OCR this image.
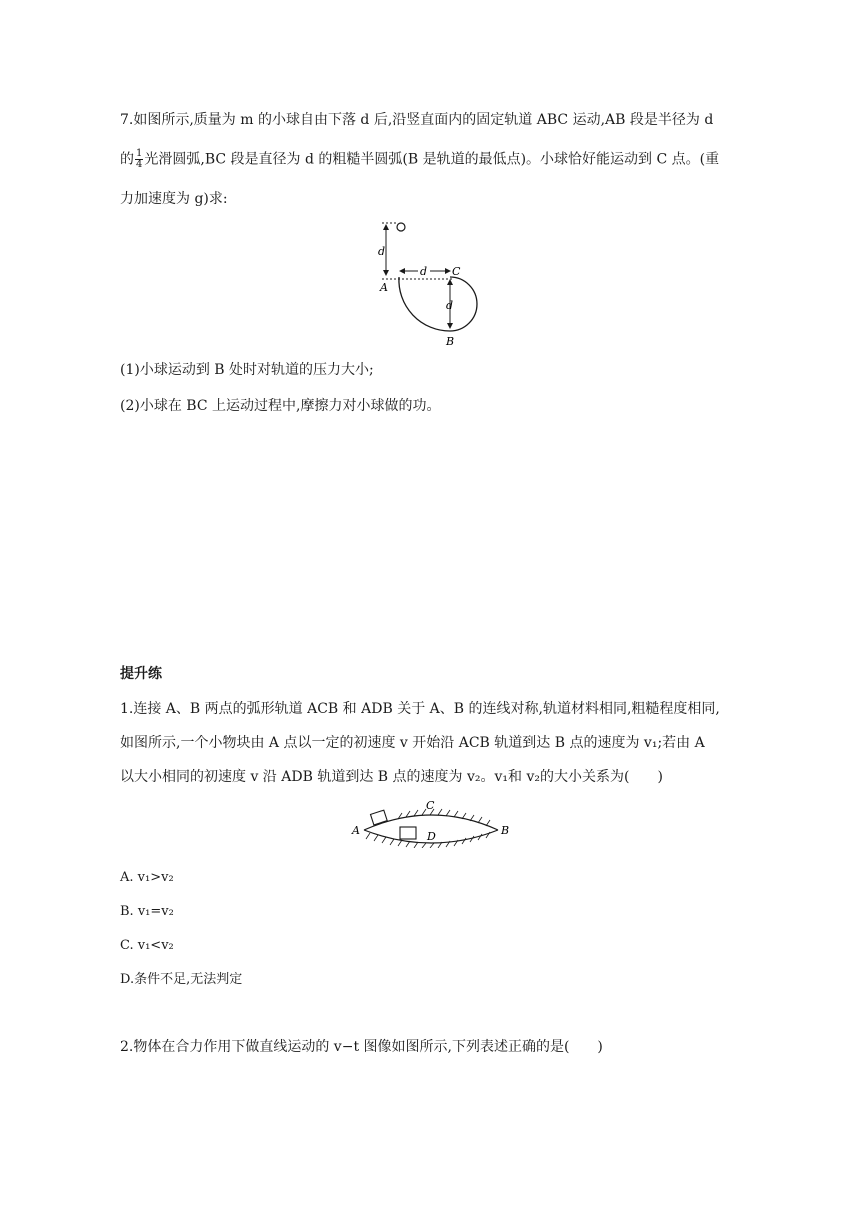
7.如图所示,质量为 m 的小球自由下落 d 后,沿竖直面内的固定轨道 ABC 运动,AB 段是半径为 d
的 $\frac{1}{4}$ 光滑圆弧,BC 段是直径为 d 的粗糙半圆弧(B 是轨道的最低点)。小球恰好能运动到 C 点。(重
力加速度为 g)求:
d
d
d
A
C
B
(1)小球运动到 B 处时对轨道的压力大小;
(2)小球在 BC 上运动过程中,摩擦力对小球做的功。
提升练
1.连接 A、B 两点的弧形轨道 ACB 和 ADB 关于 A、B 的连线对称,轨道材料相同,粗糙程度相同,
如图所示,一个小物块由 A 点以一定的初速度 v 开始沿 ACB 轨道到达 B 点的速度为 v₁;若由 A
以大小相同的初速度 v 沿 ADB 轨道到达 B 点的速度为 v₂。v₁和 v₂的大小关系为(　　)
A
C
D	B
A. v₁>v₂
B. v₁=v₂
C. v₁<v₂
D.条件不足,无法判定
2.物体在合力作用下做直线运动的 v−t 图像如图所示,下列表述正确的是(　　)
